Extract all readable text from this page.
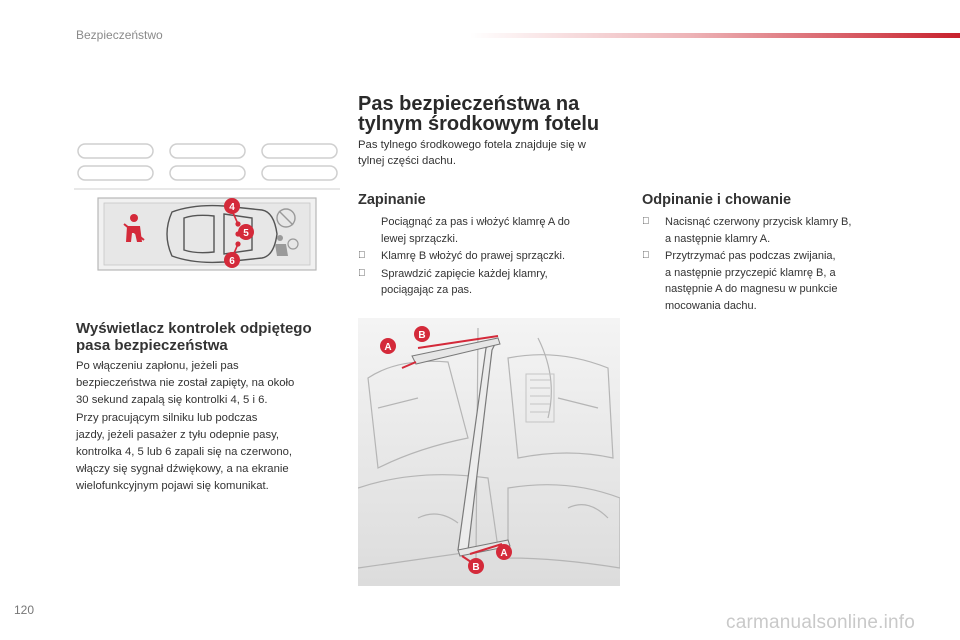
Bezpieczeństwo
4
5
6
Wyświetlacz kontrolek odpiętego
pasa bezpieczeństwa
Po włączeniu zapłonu, jeżeli pas
bezpieczeństwa nie został zapięty, na około
30 sekund zapalą się kontrolki 4, 5 i 6.
Przy pracującym silniku lub podczas
jazdy, jeżeli pasażer z tyłu odepnie pasy,
kontrolka 4, 5 lub 6 zapali się na czerwono,
włączy się sygnał dźwiękowy, a na ekranie
wielofunkcyjnym pojawi się komunikat.
Pas bezpieczeństwa na
tylnym środkowym fotelu
Pas tylnego środkowego fotela znajduje się w
tylnej części dachu.
Zapinanie
Pociągnąć za pas i włożyć klamrę A do
lewej sprzączki.
Klamrę B włożyć do prawej sprzączki.
Sprawdzić zapięcie każdej klamry,
pociągając za pas.
Odpinanie i chowanie
Nacisnąć czerwony przycisk klamry B,
a następnie klamry A.
Przytrzymać pas podczas zwijania,
a następnie przyczepić klamrę B, a
następnie A do magnesu w punkcie
mocowania dachu.
B
A
A
B
120
carmanualsonline.info
